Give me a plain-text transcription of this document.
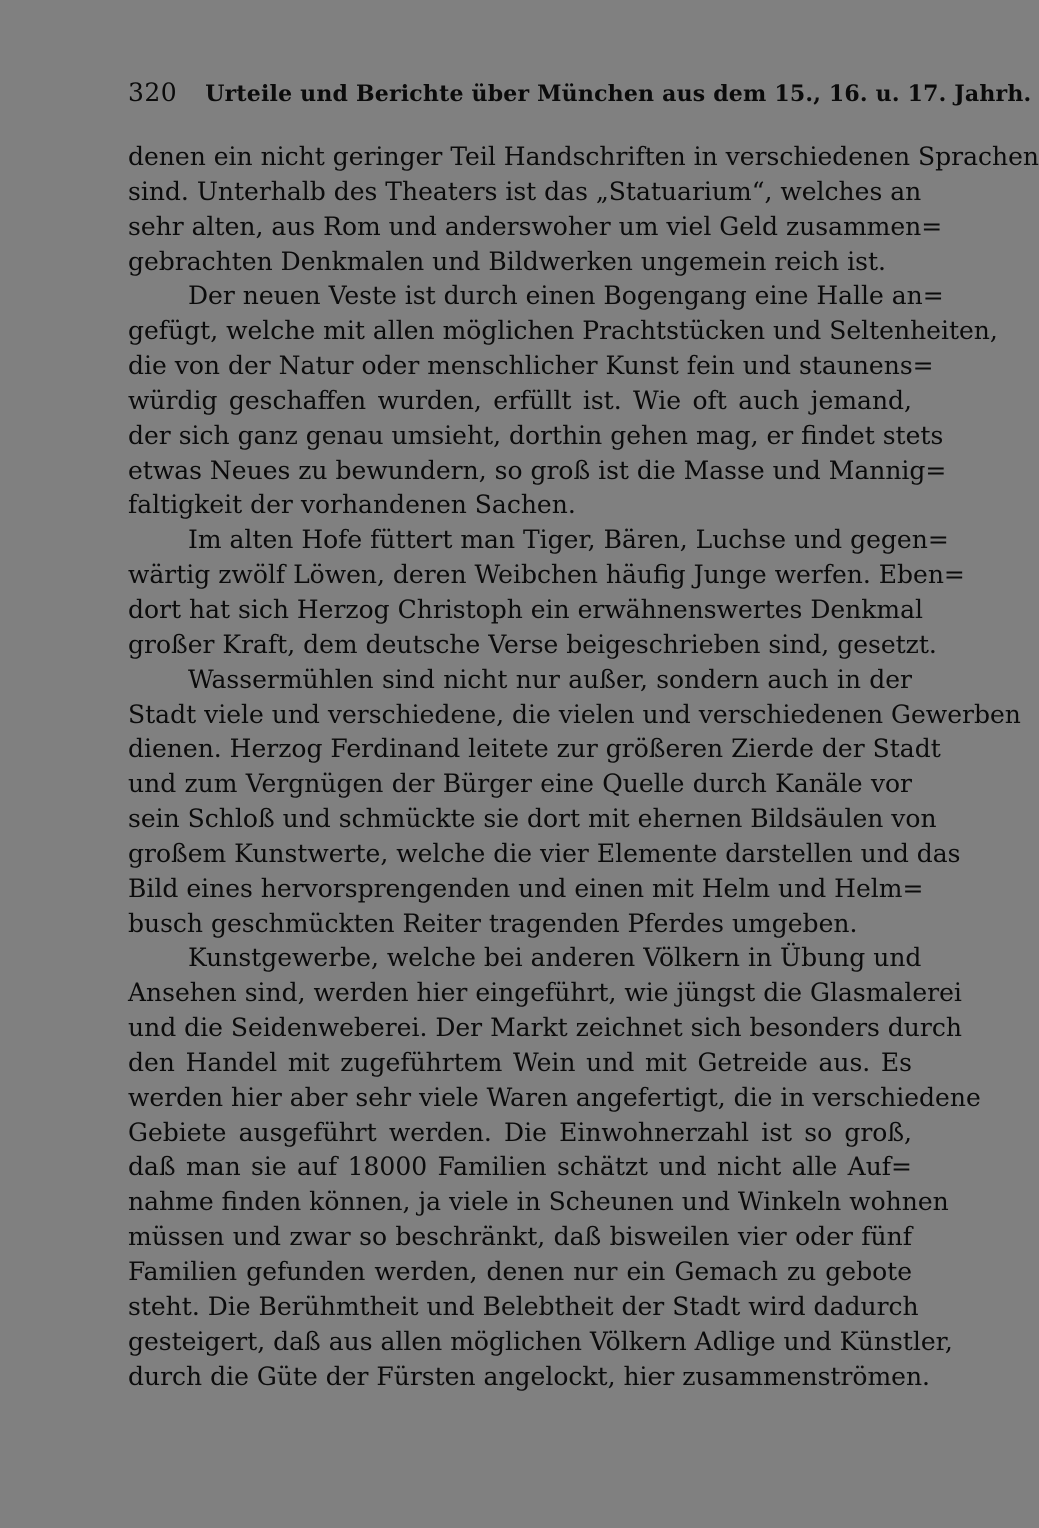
320 Urteile und Berichte über München aus dem 15., 16. u. 17. Jahrh.
denen ein nicht geringer Teil Handschriften in verschiedenen Sprachen
sind. Unterhalb des Theaters ist das „Statuarium“, welches an
sehr alten, aus Rom und anderswoher um viel Geld zusammen=
gebrachten Denkmalen und Bildwerken ungemein reich ist.
Der neuen Veste ist durch einen Bogengang eine Halle an=
gefügt, welche mit allen möglichen Prachtstücken und Seltenheiten,
die von der Natur oder menschlicher Kunst fein und staunens=
würdig geschaffen wurden, erfüllt ist. Wie oft auch jemand,
der sich ganz genau umsieht, dorthin gehen mag, er findet stets
etwas Neues zu bewundern, so groß ist die Masse und Mannig=
faltigkeit der vorhandenen Sachen.
Im alten Hofe füttert man Tiger, Bären, Luchse und gegen=
wärtig zwölf Löwen, deren Weibchen häufig Junge werfen. Eben=
dort hat sich Herzog Christoph ein erwähnenswertes Denkmal
großer Kraft, dem deutsche Verse beigeschrieben sind, gesetzt.
Wassermühlen sind nicht nur außer, sondern auch in der
Stadt viele und verschiedene, die vielen und verschiedenen Gewerben
dienen. Herzog Ferdinand leitete zur größeren Zierde der Stadt
und zum Vergnügen der Bürger eine Quelle durch Kanäle vor
sein Schloß und schmückte sie dort mit ehernen Bildsäulen von
großem Kunstwerte, welche die vier Elemente darstellen und das
Bild eines hervorsprengenden und einen mit Helm und Helm=
busch geschmückten Reiter tragenden Pferdes umgeben.
Kunstgewerbe, welche bei anderen Völkern in Übung und
Ansehen sind, werden hier eingeführt, wie jüngst die Glasmalerei
und die Seidenweberei. Der Markt zeichnet sich besonders durch
den Handel mit zugeführtem Wein und mit Getreide aus. Es
werden hier aber sehr viele Waren angefertigt, die in verschiedene
Gebiete ausgeführt werden. Die Einwohnerzahl ist so groß,
daß man sie auf 18000 Familien schätzt und nicht alle Auf=
nahme finden können, ja viele in Scheunen und Winkeln wohnen
müssen und zwar so beschränkt, daß bisweilen vier oder fünf
Familien gefunden werden, denen nur ein Gemach zu gebote
steht. Die Berühmtheit und Belebtheit der Stadt wird dadurch
gesteigert, daß aus allen möglichen Völkern Adlige und Künstler,
durch die Güte der Fürsten angelockt, hier zusammenströmen.
